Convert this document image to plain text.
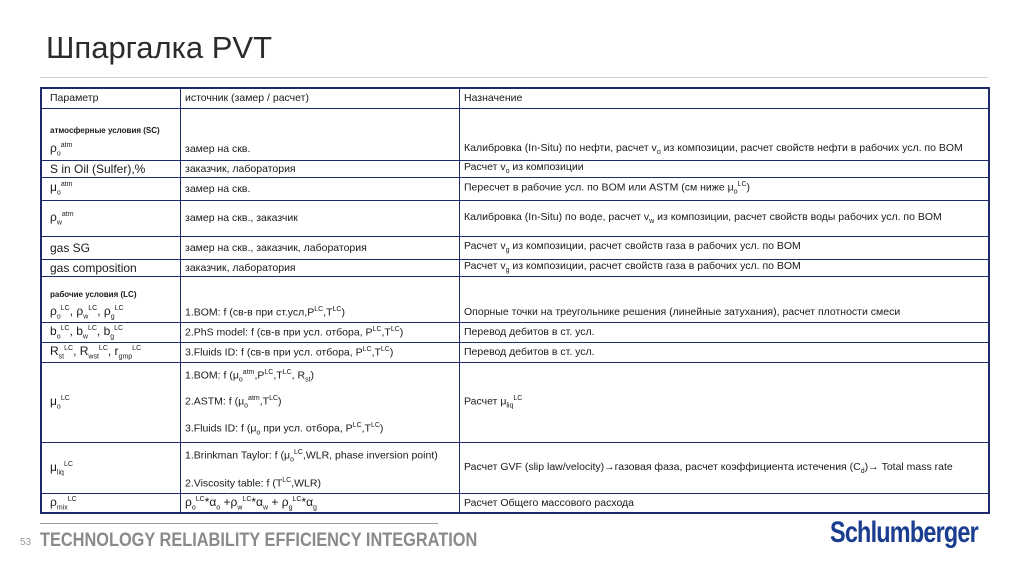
Шпаргалка PVT
Параметр	источник (замер / расчет)	Назначение
атмосферные условия (SC)		
$\rho_o^{atm}$	замер на скв.	Калибровка (In-Situ) по нефти, расчет $v_o$ из композиции, расчет свойств нефти в рабочих усл. по BOM
S in Oil (Sulfer),%	заказчик, лаборатория	Расчет $v_o$ из композиции
$\mu_o^{atm}$	замер на скв.	Пересчет в рабочие усл. по BOM или ASTM (см ниже $\mu_o^{LC}$)
$\rho_w^{atm}$	замер на скв., заказчик	Калибровка (In-Situ) по воде, расчет $v_w$ из композиции, расчет свойств воды рабочих усл. по BOM
gas SG	замер на скв., заказчик, лаборатория	Расчет $v_g$ из композиции, расчет свойств газа в рабочих усл. по BOM
gas composition	заказчик, лаборатория	Расчет $v_g$ из композиции, расчет свойств газа в рабочих усл. по BOM
рабочие условия (LC)		
$\rho_o^{LC}$, $\rho_w^{LC}$, $\rho_g^{LC}$	1.BOM: f (св-в при $ст.усл,P^{LC},T^{LC}$)	Опорные точки на треугольнике решения (линейные затухания), расчет плотности смеси
$b_o^{LC}$, $b_w^{LC}$, $b_g^{LC}$	2.PhS model: f (св-в при усл. отбора, $P^{LC},T^{LC}$)	Перевод дебитов в ст. усл.
$R_{st}^{LC}$, $R_{wst}^{LC}$, $r_{gmp}^{LC}$	3.Fluids ID: f (св-в при усл. отбора, $P^{LC},T^{LC}$)	Перевод дебитов в ст. усл.
$\mu_o^{LC}$	1.BOM: f ($\mu_o^{atm},P^{LC},T^{LC}$, $R_{st}$)
2.ASTM: f $(\mu_o^{atm},T^{LC})$
3.Fluids ID: f ($\mu_o$ при усл. отбора, $P^{LC},T^{LC}$)	Расчет $\mu_{liq}^{LC}$
$\mu_{liq}^{LC}$	1.Brinkman Taylor: f ($\mu_o^{LC},WLR$, phase inversion point)
2.Viscosity table: f $(T^{LC},WLR)$	Расчет GVF (slip law/velocity)→газовая фаза, расчет коэффициента истечения $(C_d)\to$ Total mass rate
$\rho_{mix}^{LC}$	$\rho_o^{LC}*\alpha_o +\rho_w^{LC}*\alpha_w + \rho_g^{LC}*\alpha_g$	Расчет Общего массового расхода
53 TECHNOLOGY RELIABILITY EFFICIENCY INTEGRATION	Schlumberger
